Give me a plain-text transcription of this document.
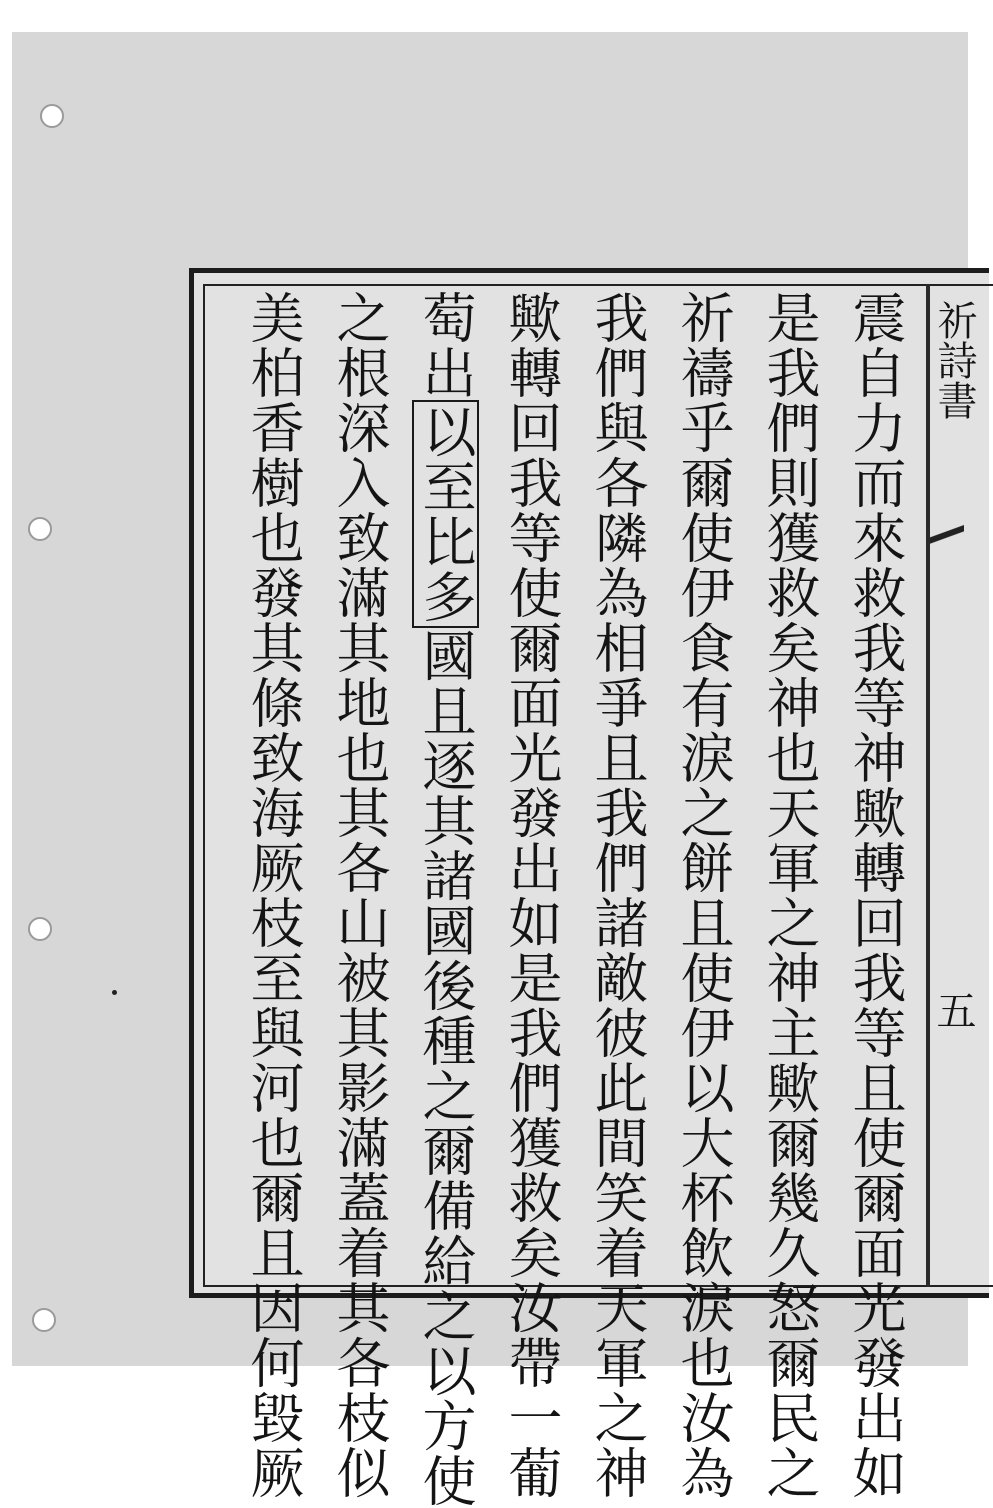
祈詩書
五
震自力而來救我等神歟轉回我等且使爾面光發出如
是我們則獲救矣神也天軍之神主歟爾幾久怒爾民之
祈禱乎爾使伊食有淚之餅且使伊以大杯飲淚也汝為
我們與各隣為相爭且我們諸敵彼此間笑着天軍之神
歟轉回我等使爾面光發出如是我們獲救矣汝帶一葡
萄出以至比多國且逐其諸國後種之爾備給之以方使
之根深入致滿其地也其各山被其影滿蓋着其各枝似
美柏香樹也發其條致海厥枝至與河也爾且因何毀厥
